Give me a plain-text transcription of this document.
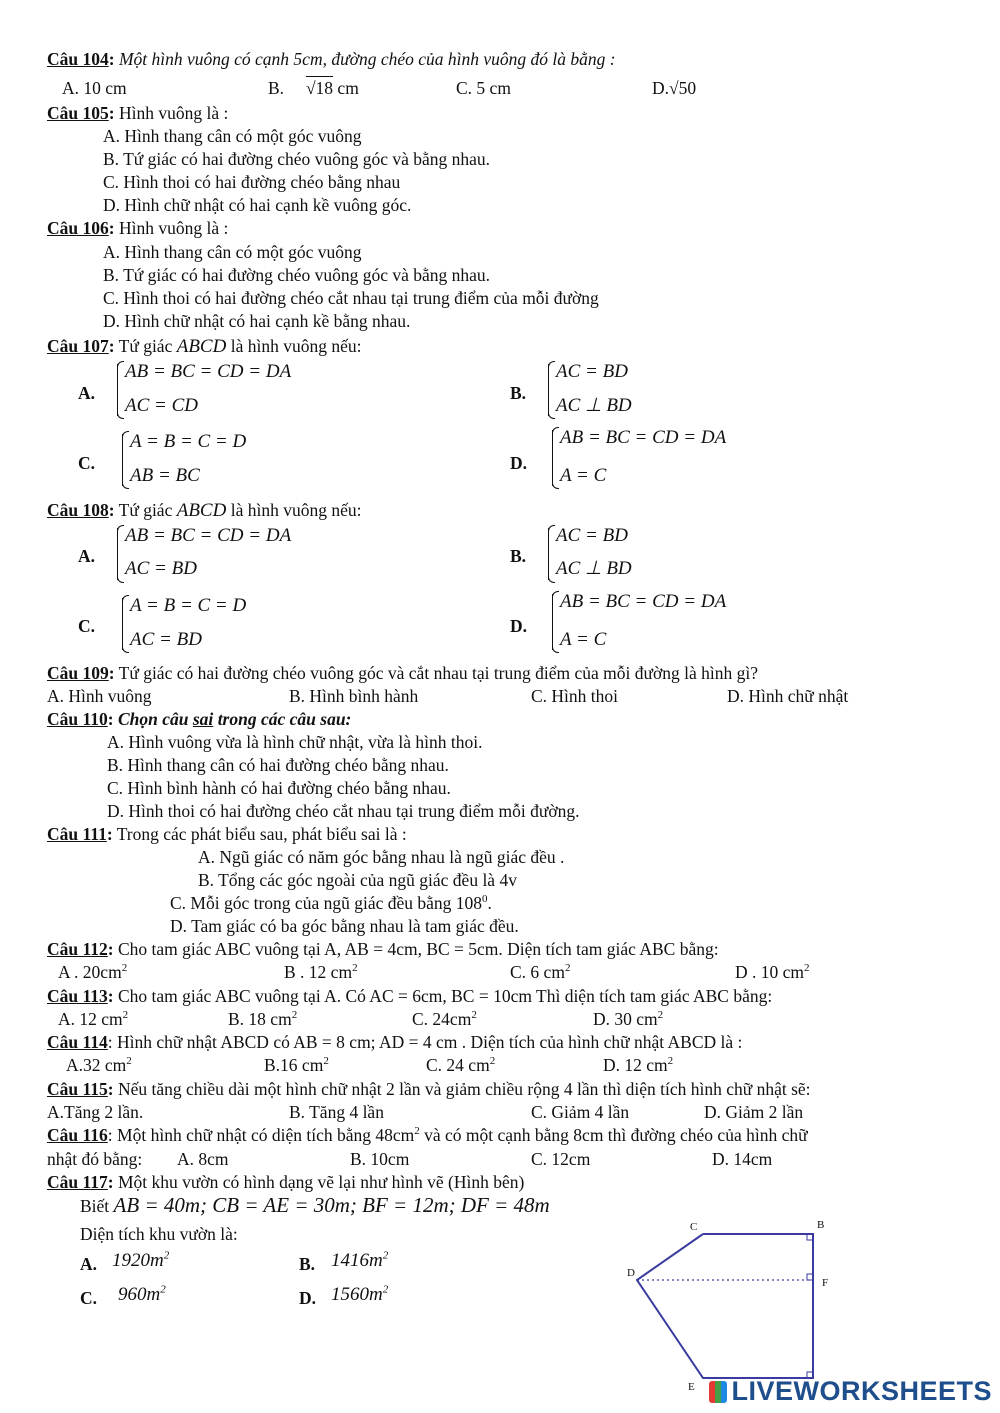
Câu 104: Một hình vuông có cạnh 5cm, đường chéo của hình vuông đó là bằng :
A. 10 cm	B. √18 cm	C. 5 cm	D.√50
Câu 105: Hình vuông là :
A. Hình thang cân có một góc vuông
B. Tứ giác có hai đường chéo vuông góc và bằng nhau.
C. Hình thoi có hai đường chéo bằng nhau
D. Hình chữ nhật có hai cạnh kề vuông góc.
Câu 106: Hình vuông là :
A. Hình thang cân có một góc vuông
B. Tứ giác có hai đường chéo vuông góc và bằng nhau.
C. Hình thoi có hai đường chéo cắt nhau tại trung điểm của mỗi đường
D. Hình chữ nhật có hai cạnh kề bằng nhau.
Câu 107: Tứ giác ABCD là hình vuông nếu:
A.
AB = BC = CD = DA
AC = CD
B.
AC = BD
AC ⊥ BD
C.
A = B = C = D
AB = BC
D.
AB = BC = CD = DA
A = C
Câu 108: Tứ giác ABCD là hình vuông nếu:
A.
AB = BC = CD = DA
AC = BD
B.
AC = BD
AC ⊥ BD
C.
A = B = C = D
AC = BD
D.
AB = BC = CD = DA
A = C
Câu 109: Tứ giác có hai đường chéo vuông góc và cắt nhau tại trung điểm của mỗi đường là hình gì?
A. Hình vuông	B. Hình bình hành	C. Hình thoi	D. Hình chữ nhật
Câu 110: Chọn câu sai trong các câu sau:
A. Hình vuông vừa là hình chữ nhật, vừa là hình thoi.
B. Hình thang cân có hai đường chéo bằng nhau.
C. Hình bình hành có hai đường chéo bằng nhau.
D. Hình thoi có hai đường chéo cắt nhau tại trung điểm mỗi đường.
Câu 111: Trong các phát biểu sau, phát biểu sai là :
A. Ngũ giác có năm góc bằng nhau là ngũ giác đều .
B. Tổng các góc ngoài của ngũ giác đều là 4v
C. Mỗi góc trong của ngũ giác đều bằng $108^0$.
D. Tam giác có ba góc bằng nhau là tam giác đều.
Câu 112: Cho tam giác ABC vuông tại A, AB = 4cm, BC = 5cm. Diện tích tam giác ABC bằng:
A . $20cm^2$	B . 12 $cm^2$	C. 6 $cm^2$	D . 10 $cm^2$
Câu 113: Cho tam giác ABC vuông tại A. Có AC = 6cm, BC = 10cm Thì diện tích tam giác ABC bằng:
A. 12 $cm^2$	B. 18 $cm^2$	C. $24cm^2$	D. 30 $cm^2$
Câu 114: Hình chữ nhật ABCD có AB = 8 cm; AD = 4 cm . Diện tích của hình chữ nhật ABCD là :
A.32 $cm^2$	B.16 $cm^2$	C. 24 $cm^2$	D. 12 $cm^2$
Câu 115: Nếu tăng chiều dài một hình chữ nhật 2 lần và giảm chiều rộng 4 lần thì diện tích hình chữ nhật sẽ:
A.Tăng 2 lần.	B. Tăng 4 lần	C. Giảm 4 lần	D. Giảm 2 lần
Câu 116: Một hình chữ nhật có diện tích bằng $48cm^2$ và có một cạnh bằng 8cm thì đường chéo của hình chữ
nhật đó bằng: A. 8cm	B. 10cm	C. 12cm	D. 14cm
Câu 117: Một khu vườn có hình dạng vẽ lại như hình vẽ (Hình bên)
Biết AB = 40m; CB = AE = 30m; BF = 12m; DF = 48m
Diện tích khu vườn là:
A. $1920m^2$	B. $1416m^2$
C. $960m^2$	D. $1560m^2$
C	B
D
F
E	LIVEWORKSHEETS
